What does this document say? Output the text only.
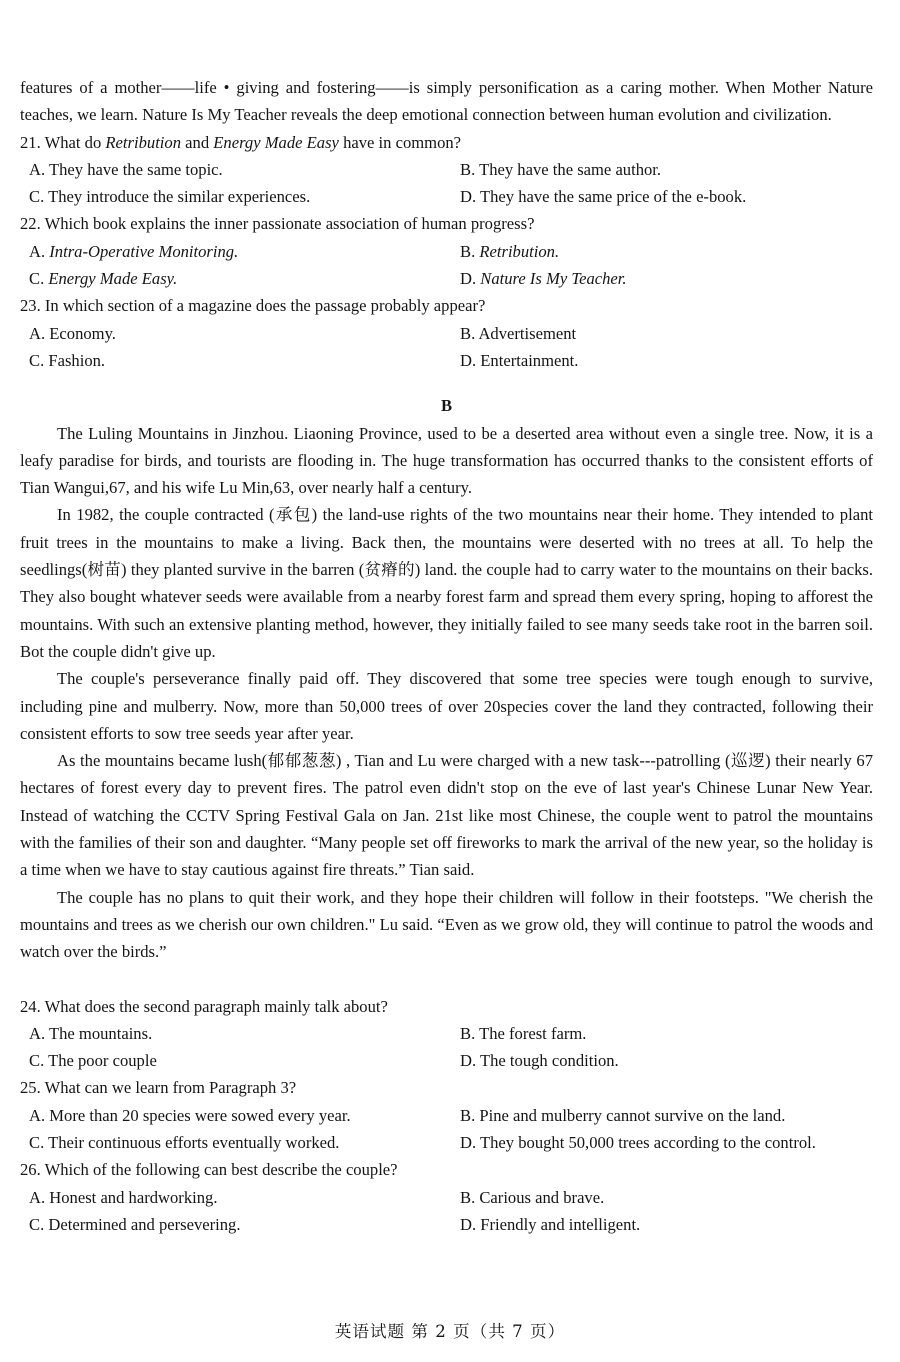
features of a mother——life • giving and fostering——is simply personification as a caring mother. When Mother Nature teaches, we learn. Nature Is My Teacher reveals the deep emotional connection between human evolution and civilization.

21. What do Retribution and Energy Made Easy have in common?

A. They have the same topic.	B. They have the same author.
C. They introduce the similar experiences.	D. They have the same price of the e-book.

22. Which book explains the inner passionate association of human progress?

A. Intra-Operative Monitoring.	B. Retribution.
C. Energy Made Easy.	D. Nature Is My Teacher.

23. In which section of a magazine does the passage probably appear?

A. Economy.	B. Advertisement
C. Fashion.	D. Entertainment.

B

The Luling Mountains in Jinzhou. Liaoning Province, used to be a deserted area without even a single tree. Now, it is a leafy paradise for birds, and tourists are flooding in. The huge transformation has occurred thanks to the consistent efforts of Tian Wangui,67, and his wife Lu Min,63, over nearly half a century.

In 1982, the couple contracted (承包) the land-use rights of the two mountains near their home. They intended to plant fruit trees in the mountains to make a living. Back then, the mountains were deserted with no trees at all. To help the seedlings(树苗) they planted survive in the barren (贫瘠的) land. the couple had to carry water to the mountains on their backs. They also bought whatever seeds were available from a nearby forest farm and spread them every spring, hoping to afforest the mountains. With such an extensive planting method, however, they initially failed to see many seeds take root in the barren soil. Bot the couple didn't give up.

The couple's perseverance finally paid off. They discovered that some tree species were tough enough to survive, including pine and mulberry. Now, more than 50,000 trees of over 20species cover the land they contracted, following their consistent efforts to sow tree seeds year after year.

As the mountains became lush(郁郁葱葱) , Tian and Lu were charged with a new task---patrolling (巡逻) their nearly 67 hectares of forest every day to prevent fires. The patrol even didn't stop on the eve of last year's Chinese Lunar New Year. Instead of watching the CCTV Spring Festival Gala on Jan. 21st like most Chinese, the couple went to patrol the mountains with the families of their son and daughter. “Many people set off fireworks to mark the arrival of the new year, so the holiday is a time when we have to stay cautious against fire threats.” Tian said.

The couple has no plans to quit their work, and they hope their children will follow in their footsteps. "We cherish the mountains and trees as we cherish our own children." Lu said. “Even as we grow old, they will continue to patrol the woods and watch over the birds.”

24. What does the second paragraph mainly talk about?

A. The mountains.	B. The forest farm.
C. The poor couple	D. The tough condition.

25. What can we learn from Paragraph 3?

A. More than 20 species were sowed every year.	B. Pine and mulberry cannot survive on the land.
C. Their continuous efforts eventually worked.	D. They bought 50,000 trees according to the control.

26. Which of the following can best describe the couple?

A. Honest and hardworking.	B. Carious and brave.
C. Determined and persevering.	D. Friendly and intelligent.
英语试题 第 2 页（共 7 页）
